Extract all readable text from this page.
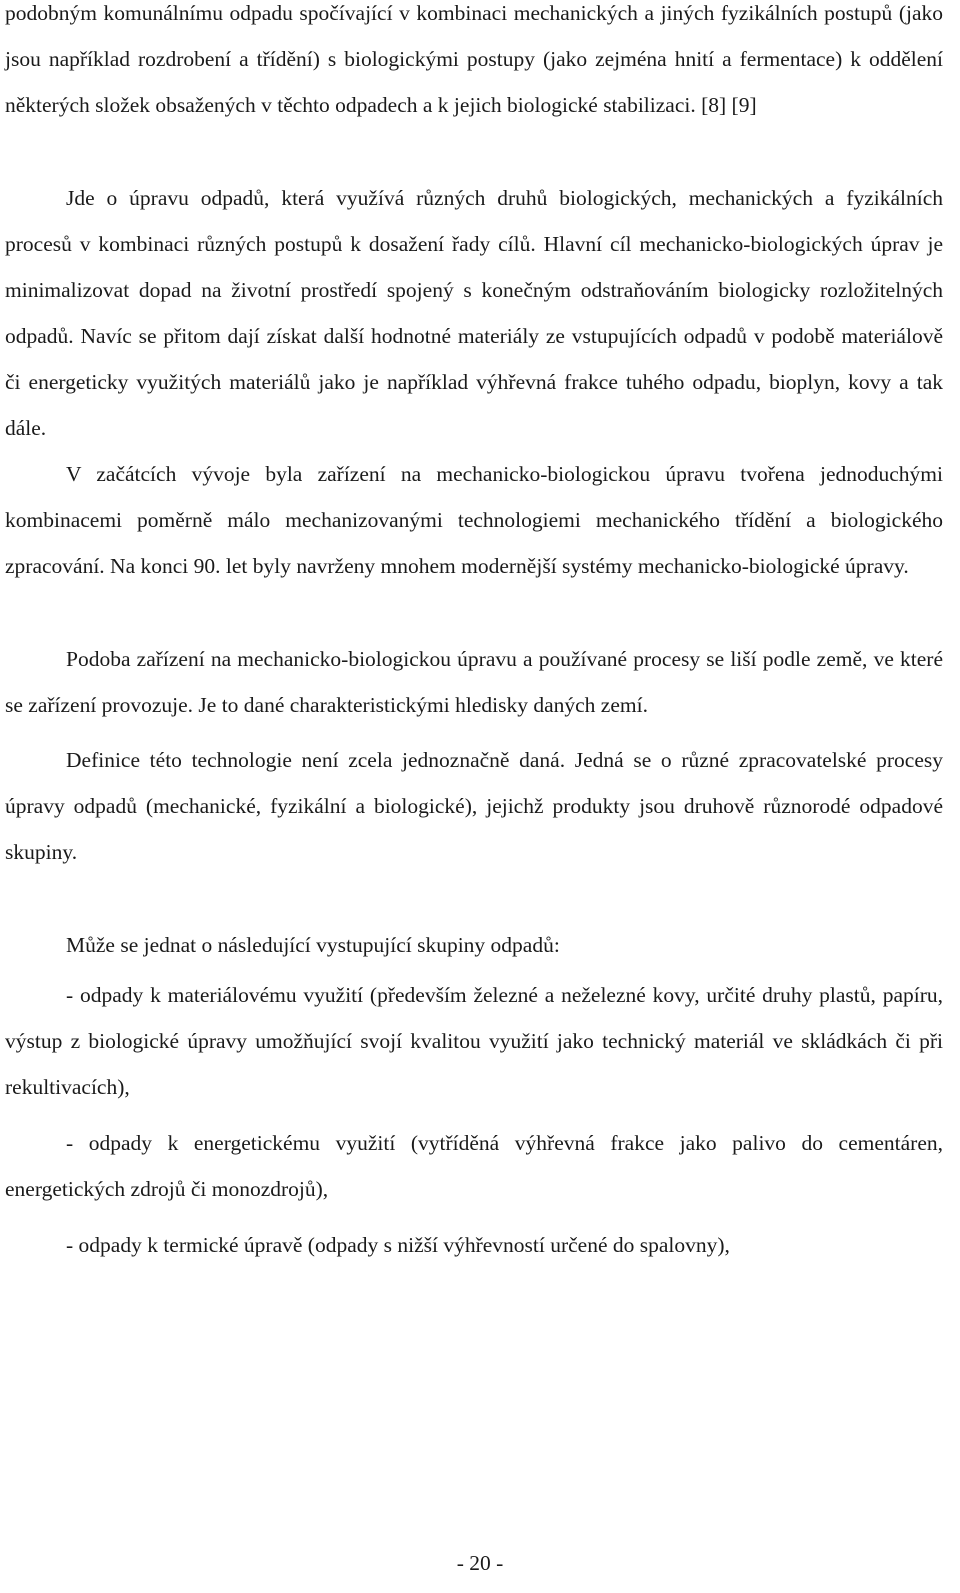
podobným komunálnímu odpadu spočívající v kombinaci mechanických a jiných fyzikálních postupů (jako jsou například rozdrobení a třídění) s biologickými postupy (jako zejména hnití a fermentace) k oddělení některých složek obsažených v těchto odpadech a k jejich biologické stabilizaci. [8] [9]

Jde o úpravu odpadů, která využívá různých druhů biologických, mechanických a fyzikálních procesů v kombinaci různých postupů k dosažení řady cílů. Hlavní cíl mechanicko-biologických úprav je minimalizovat dopad na životní prostředí spojený s konečným odstraňováním biologicky rozložitelných odpadů. Navíc se přitom dají získat další hodnotné materiály ze vstupujících odpadů v podobě materiálově či energeticky využitých materiálů jako je například výhřevná frakce tuhého odpadu, bioplyn, kovy a tak dále.

V začátcích vývoje byla zařízení na mechanicko-biologickou úpravu tvořena jednoduchými kombinacemi poměrně málo mechanizovanými technologiemi mechanického třídění a biologického zpracování. Na konci 90. let byly navrženy mnohem modernější systémy mechanicko-biologické úpravy.

Podoba zařízení na mechanicko-biologickou úpravu a používané procesy se liší podle země, ve které se zařízení provozuje. Je to dané charakteristickými hledisky daných zemí.

Definice této technologie není zcela jednoznačně daná. Jedná se o různé zpracovatelské procesy úpravy odpadů (mechanické, fyzikální a biologické), jejichž produkty jsou druhově různorodé odpadové skupiny.

Může se jednat o následující vystupující skupiny odpadů:

- odpady k materiálovému využití (především železné a neželezné kovy, určité druhy plastů, papíru, výstup z biologické úpravy umožňující svojí kvalitou využití jako technický materiál ve skládkách či při rekultivacích),

- odpady k energetickému využití (vytříděná výhřevná frakce jako palivo do cementáren, energetických zdrojů či monozdrojů),

- odpady k termické úpravě (odpady s nižší výhřevností určené do spalovny),

- 20 -
